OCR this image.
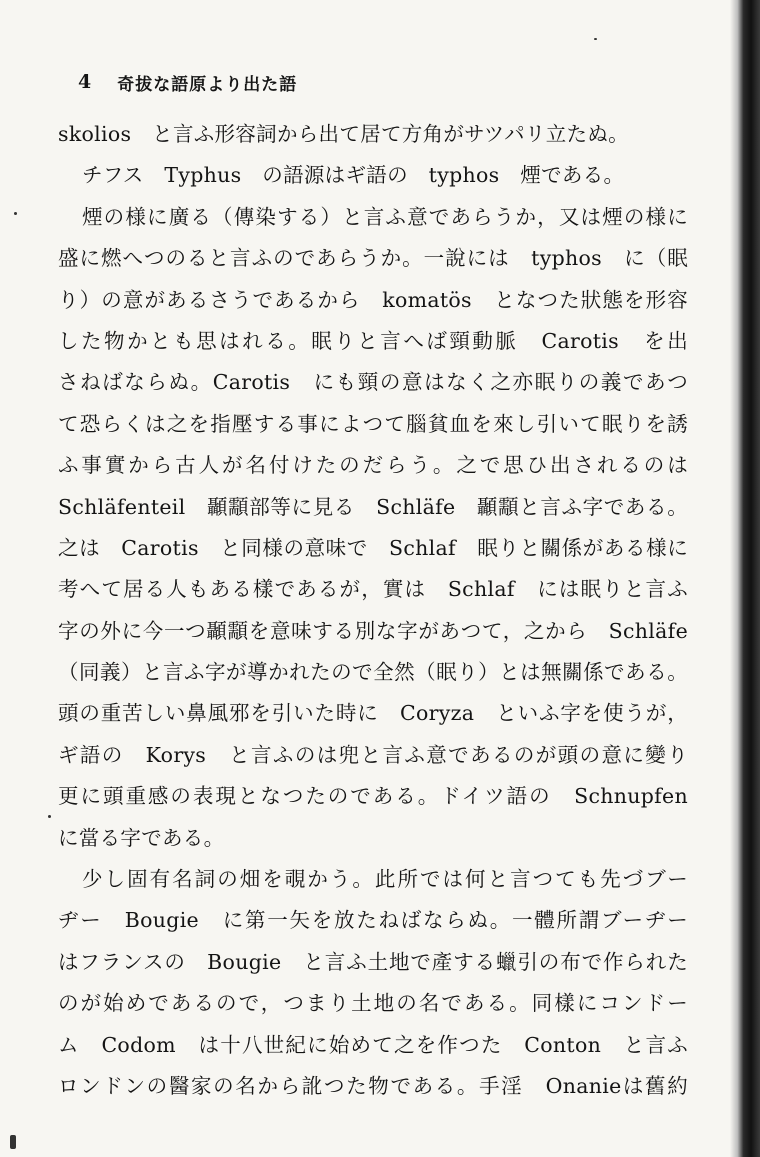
4 奇拔な語原より出た語
skolios　と言ふ形容詞から出て居て方角がサツパリ立たぬ。
チフス　Typhus　の語源はギ語の　typhos　煙である。
煙の様に廣る（傳染する）と言ふ意であらうか，又は煙の様に
盛に燃へつのると言ふのであらうか。一說には　typhos　に（眠
り）の意があるさうであるから　komatös　となつた狀態を形容
した物かとも思はれる。眠りと言へば頸動脈　Carotis　を出
さねばならぬ。Carotis　にも頸の意はなく之亦眠りの義であつ
て恐らくは之を指壓する事によつて腦貧血を來し引いて眠りを誘
ふ事實から古人が名付けたのだらう。之で思ひ出されるのは
Schläfenteil　顳顬部等に見る　Schläfe　顳顬と言ふ字である。
之は　Carotis　と同様の意味で　Schlaf　眠りと關係がある様に
考へて居る人もある樣であるが，實は　Schlaf　には眠りと言ふ
字の外に今一つ顳顬を意味する別な字があつて，之から　Schläfe
（同義）と言ふ字が導かれたので全然（眠り）とは無關係である。
頭の重苦しい鼻風邪を引いた時に　Coryza　といふ字を使うが，
ギ語の　Korys　と言ふのは兜と言ふ意であるのが頭の意に變り
更に頭重感の表現となつたのである。ドイツ語の　Schnupfen
に當る字である。
少し固有名詞の畑を覗かう。此所では何と言つても先づブー
ヂー　Bougie　に第一矢を放たねばならぬ。一體所謂ブーヂー
はフランスの　Bougie　と言ふ土地で產する蠟引の布で作られた
のが始めであるので，つまり土地の名である。同樣にコンドー
ム　Codom　は十八世紀に始めて之を作つた　Conton　と言ふ
ロンドンの醫家の名から訛つた物である。手淫　Onanieは舊約
